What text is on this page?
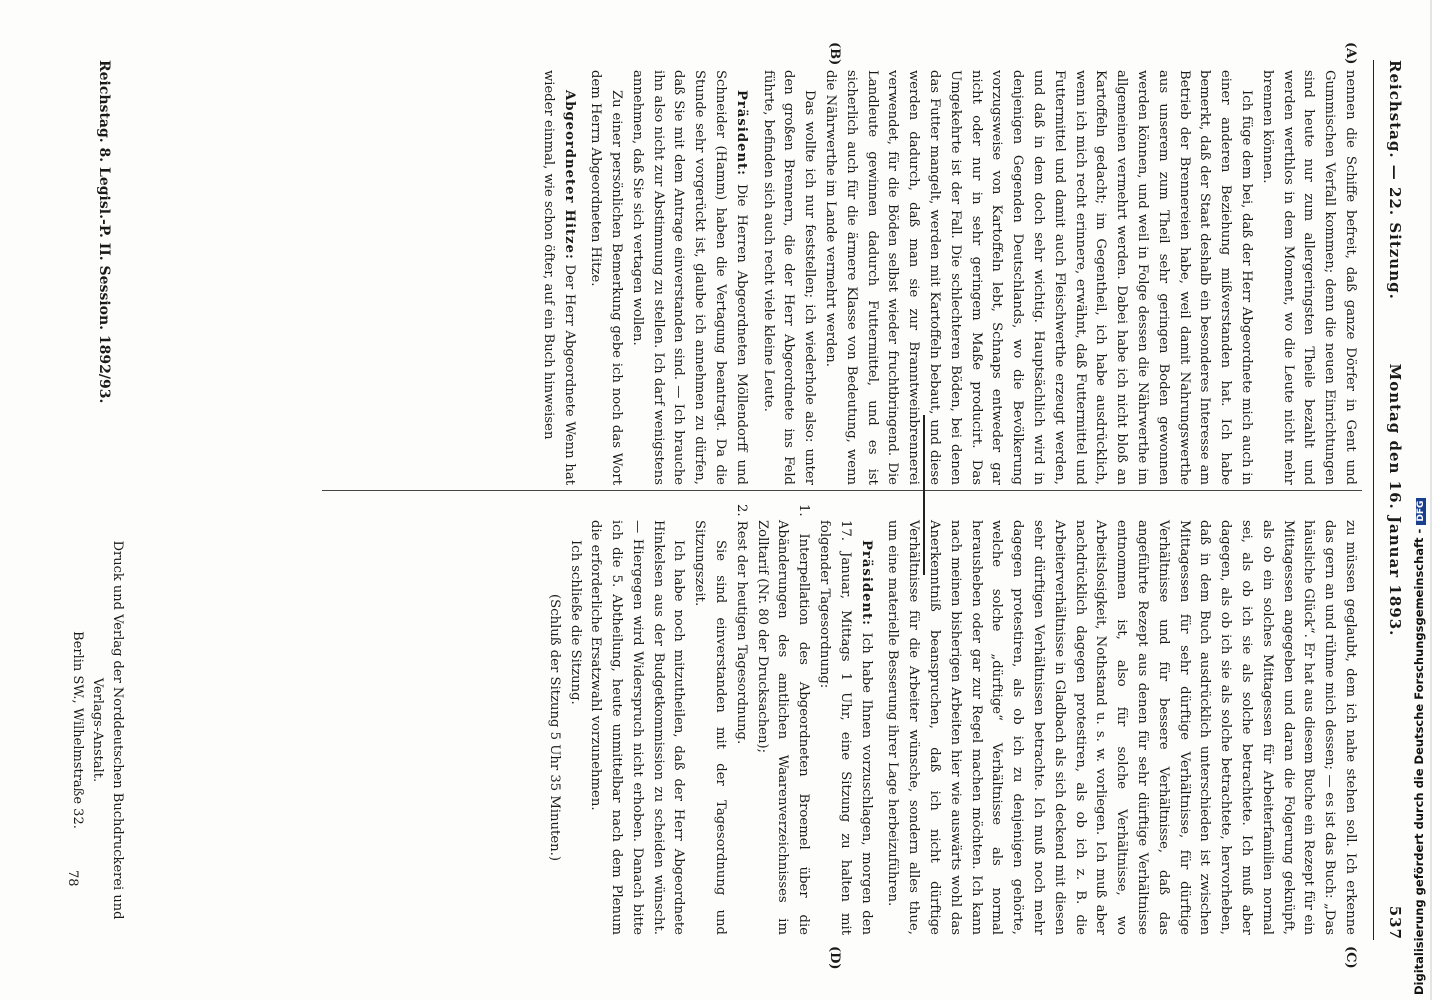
Reichstag. — 22. Sitzung.
Montag den 16. Januar 1893.
537
(A)
(B)
(C)
(D)

nennen die Schiffe befreit, daß ganze Dörfer in Gent und Gummischen Verfall kommen; denn die neuen Einrichtungen sind heute nur zum allergeringsten Theile bezahlt und werden werthlos in dem Moment, wo die Leute nicht mehr brennen können.

Ich füge dem bei, daß der Herr Abgeordnete mich auch in einer anderen Beziehung mißverstanden hat. Ich habe bemerkt, daß der Staat deshalb ein besonderes Interesse am Betrieb der Brennereien habe, weil damit Nahrungswerthe aus unserem zum Theil sehr geringen Boden gewonnen werden können, und weil in Folge dessen die Nährwerthe im allgemeinen vermehrt werden. Dabei habe ich nicht bloß an Kartoffeln gedacht; im Gegentheil, ich habe ausdrücklich, wenn ich mich recht erinnere, erwähnt, daß Futtermittel und Futtermittel und damit auch Fleischwerthe erzeugt werden, und daß in dem doch sehr wichtig. Hauptsächlich wird in denjenigen Gegenden Deutschlands, wo die Bevölkerung vorzugsweise von Kartoffeln lebt, Schnaps entweder gar nicht oder nur in sehr geringem Maße producirt. Das Umgekehrte ist der Fall. Die schlechteren Böden, bei denen das Futter mangelt, werden mit Kartoffeln bebaut, und diese werden dadurch, daß man sie zur Branntweinbrennerei verwendet, für die Böden selbst wieder fruchtbringend. Die Landleute gewinnen dadurch Futtermittel, und es ist sicherlich auch für die ärmere Klasse von Bedeutung, wenn die Nährwerthe im Lande vermehrt werden.

Das wollte ich nur feststellen; ich wiederhole also: unter den großen Brennern, die der Herr Abgeordnete ins Feld führte, befinden sich auch recht viele kleine Leute.

Präsident: Die Herren Abgeordneten Möllendorff und Schneider (Hamm) haben die Vertagung beantragt. Da die Stunde sehr vorgerückt ist, glaube ich annehmen zu dürfen, daß Sie mit dem Antrage einverstanden sind. — Ich brauche ihn also nicht zur Abstimmung zu stellen. Ich darf wenigstens annehmen, daß Sie sich vertagen wollen.

Zu einer persönlichen Bemerkung gebe ich noch das Wort dem Herrn Abgeordneten Hitze.

Abgeordneter Hitze: Der Herr Abgeordnete Wenn hat wieder einmal, wie schon öfter, auf ein Buch hinweisen

zu müssen geglaubt, dem ich nahe stehen soll. Ich erkenne das gern an und rühme mich dessen; — es ist das Buch: „Das häusliche Glück“. Er hat aus diesem Buche ein Rezept für ein Mittagessen angegeben und daran die Folgerung geknüpft, als ob ein solches Mittagessen für Arbeiterfamilien normal sei, als ob ich sie als solche betrachtete. Ich muß aber dagegen, als ob ich sie als solche betrachtete, hervorheben, daß in dem Buch ausdrücklich unterschieden ist zwischen Mittagessen für sehr dürftige Verhältnisse, für dürftige Verhältnisse und für bessere Verhältnisse, daß das angeführte Rezept aus denen für sehr dürftige Verhältnisse entnommen ist, also für solche Verhältnisse, wo Arbeitslosigkeit, Nothstand u. s. w. vorliegen. Ich muß aber nachdrücklich dagegen protestiren, als ob ich z. B. die Arbeiterverhältnisse in Gladbach als sich deckend mit diesen sehr dürftigen Verhältnissen betrachte. Ich muß noch mehr dagegen protestiren, als ob ich zu denjenigen gehörte, welche solche „dürftige“ Verhältnisse als normal herausheben oder gar zur Regel machen möchten. Ich kann nach meinen bisherigen Arbeiten hier wie auswärts wohl das Anerkenntniß beanspruchen, daß ich nicht dürftige Verhältnisse für die Arbeiter wünsche, sondern alles thue, um eine materielle Besserung ihrer Lage herbeizuführen.

Präsident: Ich habe Ihnen vorzuschlagen, morgen den 17. Januar, Mittags 1 Uhr, eine Sitzung zu halten mit folgender Tagesordnung:

1. Interpellation des Abgeordneten Broemel über die Abänderungen des amtlichen Waarenverzeichnisses im Zolltarif (Nr. 80 der Drucksachen);

2. Rest der heutigen Tagesordnung.

Sie sind einverstanden mit der Tagesordnung und Sitzungszeit.

Ich habe noch mitzutheilen, daß der Herr Abgeordnete Hinkelsen aus der Budgetkommission zu scheiden wünscht. — Hiergegen wird Widerspruch nicht erhoben. Danach bitte ich die 5. Abtheilung, heute unmittelbar nach dem Plenum die erforderliche Ersatzwahl vorzunehmen.

Ich schließe die Sitzung.

(Schluß der Sitzung 5 Uhr 35 Minuten.)

Reichstag. 8. Legisl.-P. II. Session. 1892/93.
Druck und Verlag der Norddeutschen Buchdruckerei und Verlags-Anstalt.
Berlin SW., Wilhelmstraße 32.
78	Digitalisierung gefördert durch die Deutsche Forschungsgemeinschaft -DFG
